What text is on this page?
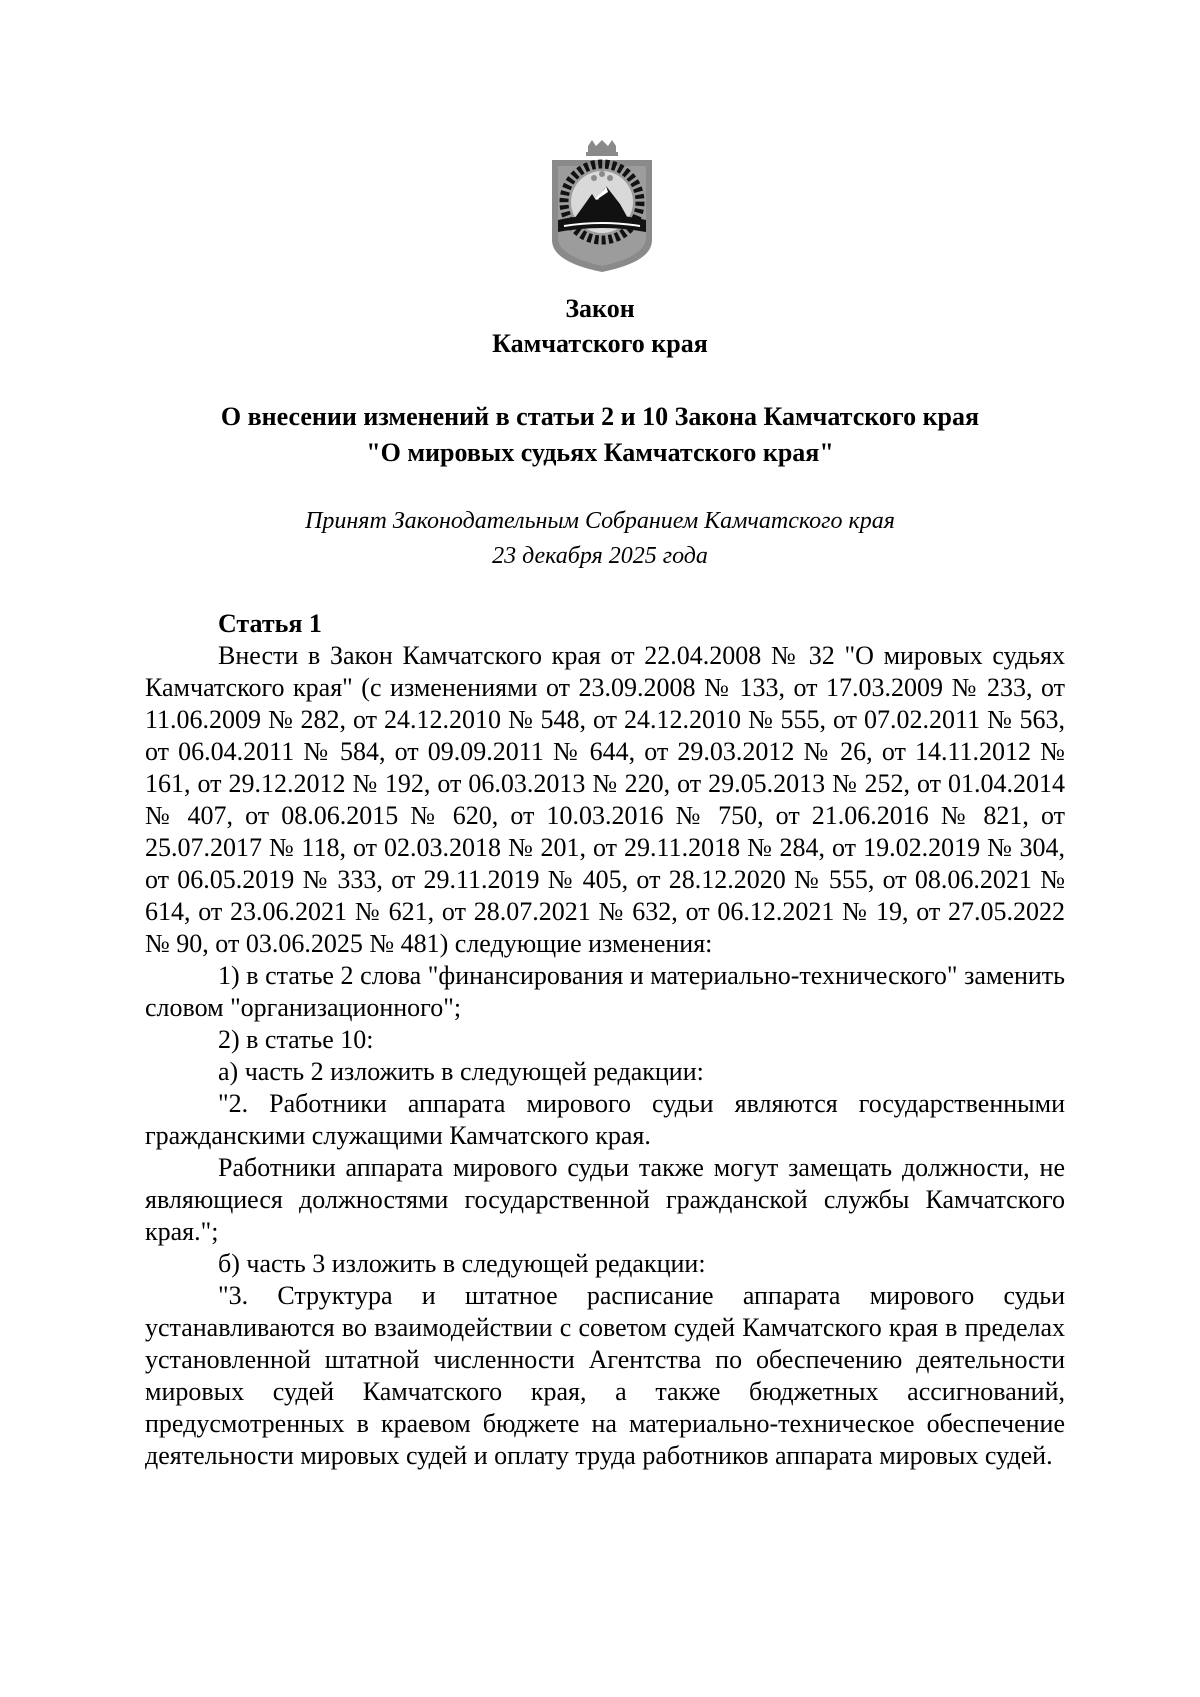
Закон
Камчатского края
О внесении изменений в статьи 2 и 10 Закона Камчатского края
"О мировых судьях Камчатского края"
Принят Законодательным Собранием Камчатского края
23 декабря 2025 года
Статья 1

Внести в Закон Камчатского края от 22.04.2008 № 32 "О мировых судьях Камчатского края" (с изменениями от 23.09.2008 № 133, от 17.03.2009 № 233, от 11.06.2009 № 282, от 24.12.2010 № 548, от 24.12.2010 № 555, от 07.02.2011 № 563, от 06.04.2011 № 584, от 09.09.2011 № 644, от 29.03.2012 № 26, от 14.11.2012 № 161, от 29.12.2012 № 192, от 06.03.2013 № 220, от 29.05.2013 № 252, от 01.04.2014 № 407, от 08.06.2015 № 620, от 10.03.2016 № 750, от 21.06.2016 № 821, от 25.07.2017 № 118, от 02.03.2018 № 201, от 29.11.2018 № 284, от 19.02.2019 № 304, от 06.05.2019 № 333, от 29.11.2019 № 405, от 28.12.2020 № 555, от 08.06.2021 № 614, от 23.06.2021 № 621, от 28.07.2021 № 632, от 06.12.2021 № 19, от 27.05.2022 № 90, от 03.06.2025 № 481) следующие изменения:

1) в статье 2 слова "финансирования и материально-технического" заменить словом "организационного";

2) в статье 10:

а) часть 2 изложить в следующей редакции:

"2. Работники аппарата мирового судьи являются государственными гражданскими служащими Камчатского края.

Работники аппарата мирового судьи также могут замещать должности, не являющиеся должностями государственной гражданской службы Камчатского края.";

б) часть 3 изложить в следующей редакции:

"3. Структура и штатное расписание аппарата мирового судьи устанавливаются во взаимодействии с советом судей Камчатского края в пределах установленной штатной численности Агентства по обеспечению деятельности мировых судей Камчатского края, а также бюджетных ассигнований, предусмотренных в краевом бюджете на материально-техническое обеспечение деятельности мировых судей и оплату труда работников аппарата мировых судей.
